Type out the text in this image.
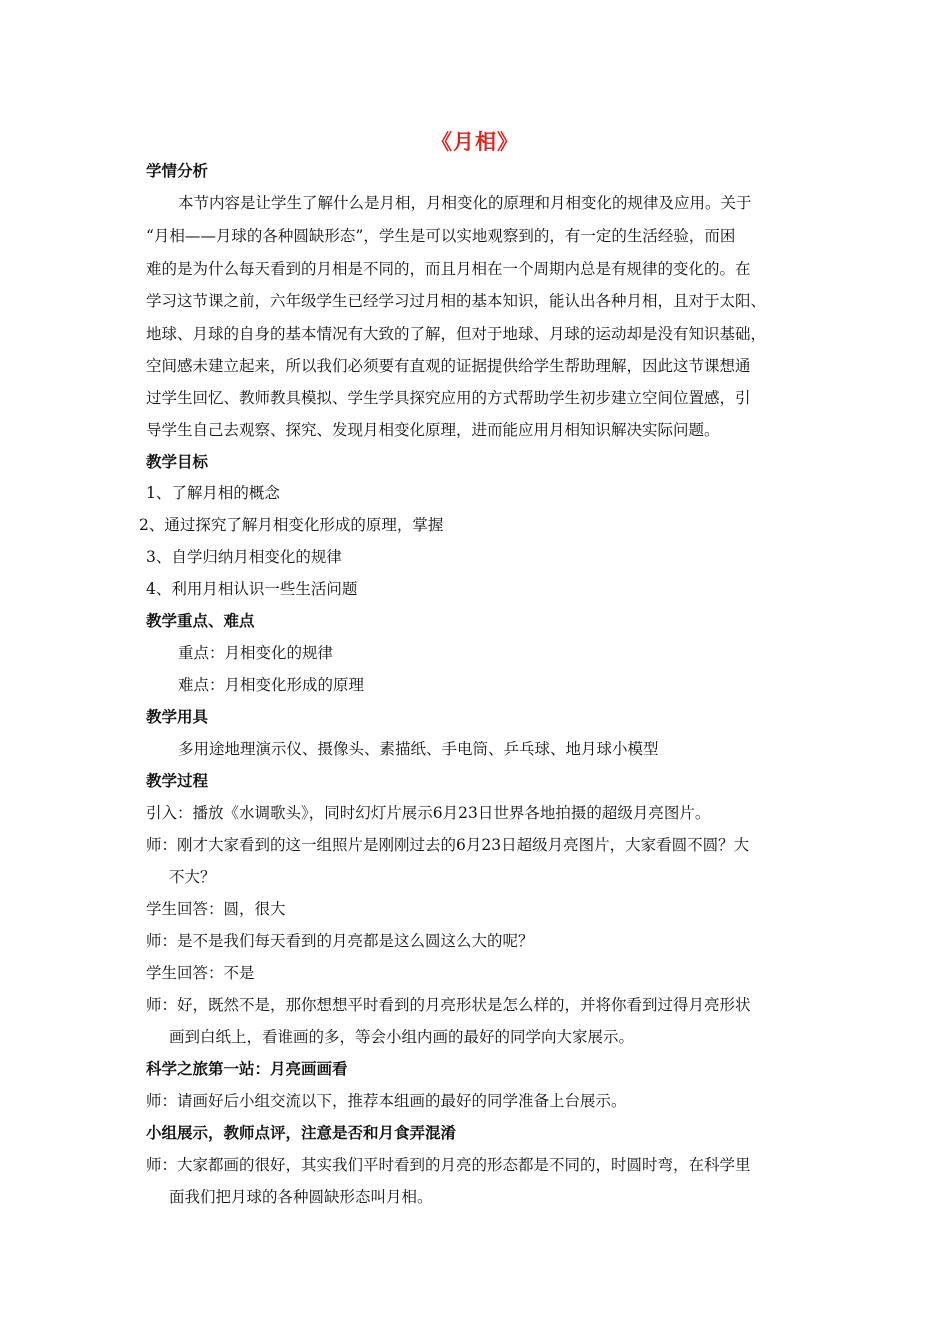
《月相》
学情分析
本节内容是让学生了解什么是月相，月相变化的原理和月相变化的规律及应用。关于
“月相——月球的各种圆缺形态”，学生是可以实地观察到的，有一定的生活经验，而困
难的是为什么每天看到的月相是不同的，而且月相在一个周期内总是有规律的变化的。在
学习这节课之前，六年级学生已经学习过月相的基本知识，能认出各种月相，且对于太阳、
地球、月球的自身的基本情况有大致的了解，但对于地球、月球的运动却是没有知识基础，
空间感未建立起来，所以我们必须要有直观的证据提供给学生帮助理解，因此这节课想通
过学生回忆、教师教具模拟、学生学具探究应用的方式帮助学生初步建立空间位置感，引
导学生自己去观察、探究、发现月相变化原理，进而能应用月相知识解决实际问题。
教学目标
1、了解月相的概念
2、通过探究了解月相变化形成的原理，掌握
3、自学归纳月相变化的规律
4、利用月相认识一些生活问题
教学重点、难点
重点：月相变化的规律
难点：月相变化形成的原理
教学用具
多用途地理演示仪、摄像头、素描纸、手电筒、乒乓球、地月球小模型
教学过程
引入：播放《水调歌头》，同时幻灯片展示6月23日世界各地拍摄的超级月亮图片。
师：刚才大家看到的这一组照片是刚刚过去的6月23日超级月亮图片，大家看圆不圆？大
不大？
学生回答：圆，很大
师：是不是我们每天看到的月亮都是这么圆这么大的呢？
学生回答：不是
师：好，既然不是，那你想想平时看到的月亮形状是怎么样的，并将你看到过得月亮形状
画到白纸上，看谁画的多，等会小组内画的最好的同学向大家展示。
科学之旅第一站：月亮画画看
师：请画好后小组交流以下，推荐本组画的最好的同学准备上台展示。
小组展示，教师点评，注意是否和月食弄混淆
师：大家都画的很好，其实我们平时看到的月亮的形态都是不同的，时圆时弯，在科学里
面我们把月球的各种圆缺形态叫月相。
